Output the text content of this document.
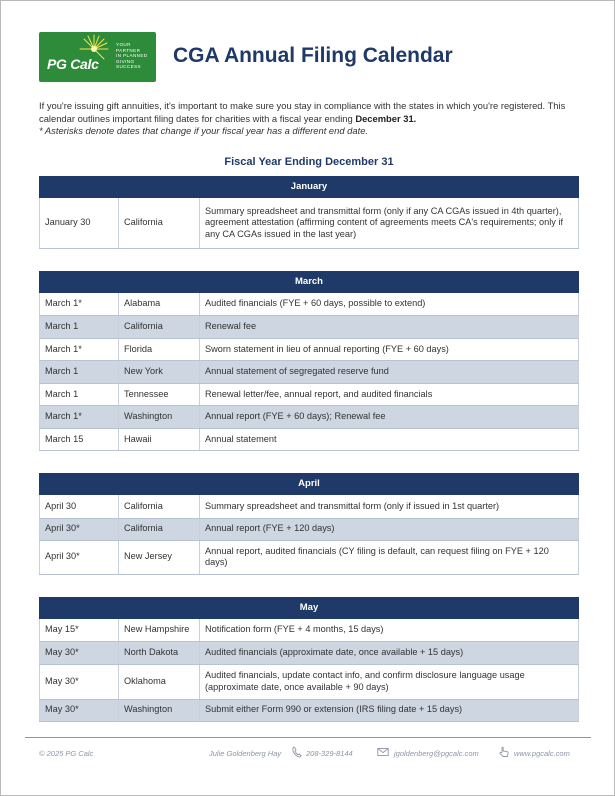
PG Calc
YOUR
PARTNER
IN PLANNED
GIVING
SUCCESS	CGA Annual Filing Calendar

If you're issuing gift annuities, it's important to make sure you stay in compliance with the states in which you're registered. This calendar outlines important filing dates for charities with a fiscal year ending December 31.
* Asterisks denote dates that change if your fiscal year has a different end date.

Fiscal Year Ending December 31
January
January 30	California	Summary spreadsheet and transmittal form (only if any CA CGAs issued in 4th quarter), agreement attestation (affirming content of agreements meets CA's requirements; only if any CA CGAs issued in the last year)
March
March 1*	Alabama	Audited financials (FYE + 60 days, possible to extend)
March 1	California	Renewal fee
March 1*	Florida	Sworn statement in lieu of annual reporting (FYE + 60 days)
March 1	New York	Annual statement of segregated reserve fund
March 1	Tennessee	Renewal letter/fee, annual report, and audited financials
March 1*	Washington	Annual report (FYE + 60 days); Renewal fee
March 15	Hawaii	Annual statement
April
April 30	California	Summary spreadsheet and transmittal form (only if issued in 1st quarter)
April 30*	California	Annual report (FYE + 120 days)
April 30*	New Jersey	Annual report, audited financials (CY filing is default, can request filing on FYE + 120 days)
May
May 15*	New Hampshire	Notification form (FYE + 4 months, 15 days)
May 30*	North Dakota	Audited financials (approximate date, once available + 15 days)
May 30*	Oklahoma	Audited financials, update contact info, and confirm disclosure language usage (approximate date, once available + 90 days)
May 30*	Washington	Submit either Form 990 or extension (IRS filing date + 15 days)
© 2025 PG Calc	Julie Goldenberg Hay	208-329-8144	jgoldenberg@pgcalc.com	www.pgcalc.com
